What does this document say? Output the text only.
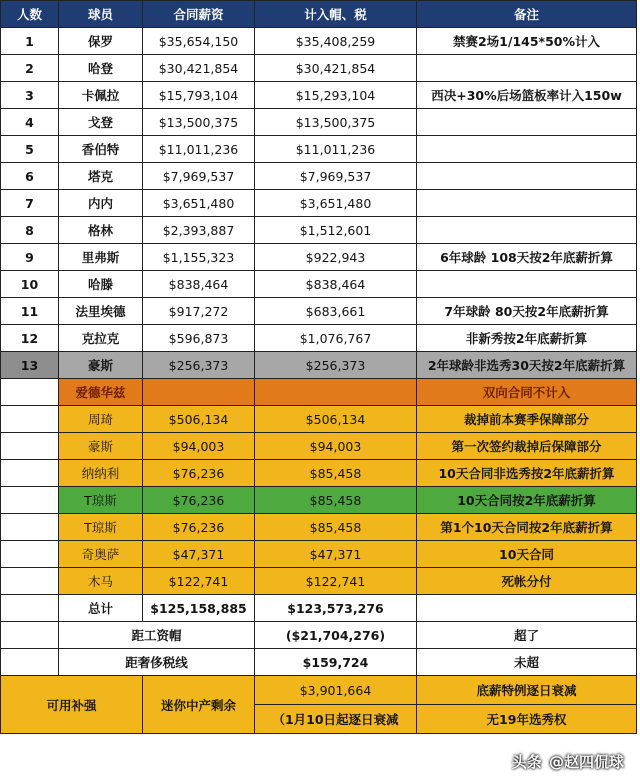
人数	球员	合同薪资	计入帽、税	备注
1	保罗	$35,654,150	$35,408,259	禁赛2场1/145*50%计入
2	哈登	$30,421,854	$30,421,854	
3	卡佩拉	$15,793,104	$15,293,104	西决+30%后场篮板率计入150w
4	戈登	$13,500,375	$13,500,375	
5	香伯特	$11,011,236	$11,011,236	
6	塔克	$7,969,537	$7,969,537	
7	内内	$3,651,480	$3,651,480	
8	格林	$2,393,887	$1,512,601	
9	里弗斯	$1,155,323	$922,943	6年球龄 108天按2年底薪折算
10	哈滕	$838,464	$838,464	
11	法里埃德	$917,272	$683,661	7年球龄 80天按2年底薪折算
12	克拉克	$596,873	$1,076,767	非新秀按2年底薪折算
13	豪斯	$256,373	$256,373	2年球龄非选秀30天按2年底薪折算
	爱德华兹			双向合同不计入
	周琦	$506,134	$506,134	裁掉前本赛季保障部分
	豪斯	$94,003	$94,003	第一次签约裁掉后保障部分
	纳纳利	$76,236	$85,458	10天合同非选秀按2年底薪折算
	T琼斯	$76,236	$85,458	10天合同按2年底薪折算
	T琼斯	$76,236	$85,458	第1个10天合同按2年底薪折算
	奇奥萨	$47,371	$47,371	10天合同
	木马	$122,741	$122,741	死帐分付
	总计	$125,158,885	$123,573,276	
	距工资帽		($21,704,276)	超了
	距奢侈税线		$159,724	未超
可用补强		迷你中产剩余	$3,901,664	底薪特例逐日衰减
			（1月10日起逐日衰减	无19年选秀权
头条 @赵四侃球
